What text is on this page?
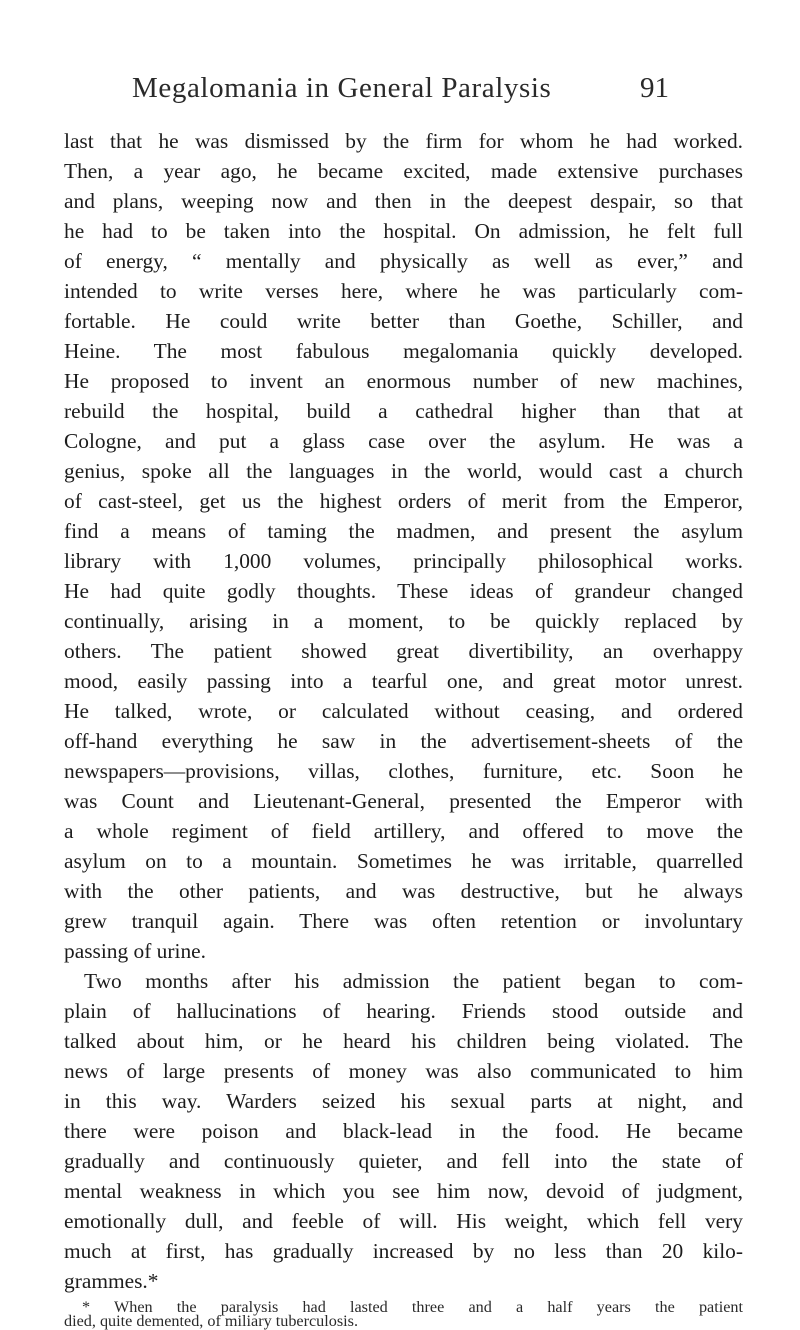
Megalomania in General Paralysis	91
last that he was dismissed by the firm for whom he had worked.
Then, a year ago, he became excited, made extensive purchases
and plans, weeping now and then in the deepest despair, so that
he had to be taken into the hospital. On admission, he felt full
of energy, “ mentally and physically as well as ever,” and
intended to write verses here, where he was particularly com-
fortable. He could write better than Goethe, Schiller, and
Heine. The most fabulous megalomania quickly developed.
He proposed to invent an enormous number of new machines,
rebuild the hospital, build a cathedral higher than that at
Cologne, and put a glass case over the asylum. He was a
genius, spoke all the languages in the world, would cast a church
of cast-steel, get us the highest orders of merit from the Emperor,
find a means of taming the madmen, and present the asylum
library with 1,000 volumes, principally philosophical works.
He had quite godly thoughts. These ideas of grandeur changed
continually, arising in a moment, to be quickly replaced by
others. The patient showed great divertibility, an overhappy
mood, easily passing into a tearful one, and great motor unrest.
He talked, wrote, or calculated without ceasing, and ordered
off-hand everything he saw in the advertisement-sheets of the
newspapers—provisions, villas, clothes, furniture, etc. Soon he
was Count and Lieutenant-General, presented the Emperor with
a whole regiment of field artillery, and offered to move the
asylum on to a mountain. Sometimes he was irritable, quarrelled
with the other patients, and was destructive, but he always
grew tranquil again. There was often retention or involuntary
passing of urine.
Two months after his admission the patient began to com-
plain of hallucinations of hearing. Friends stood outside and
talked about him, or he heard his children being violated. The
news of large presents of money was also communicated to him
in this way. Warders seized his sexual parts at night, and
there were poison and black-lead in the food. He became
gradually and continuously quieter, and fell into the state of
mental weakness in which you see him now, devoid of judgment,
emotionally dull, and feeble of will. His weight, which fell very
much at first, has gradually increased by no less than 20 kilo-
grammes.*
* When the paralysis had lasted three and a half years the patient
died, quite demented, of miliary tuberculosis.
